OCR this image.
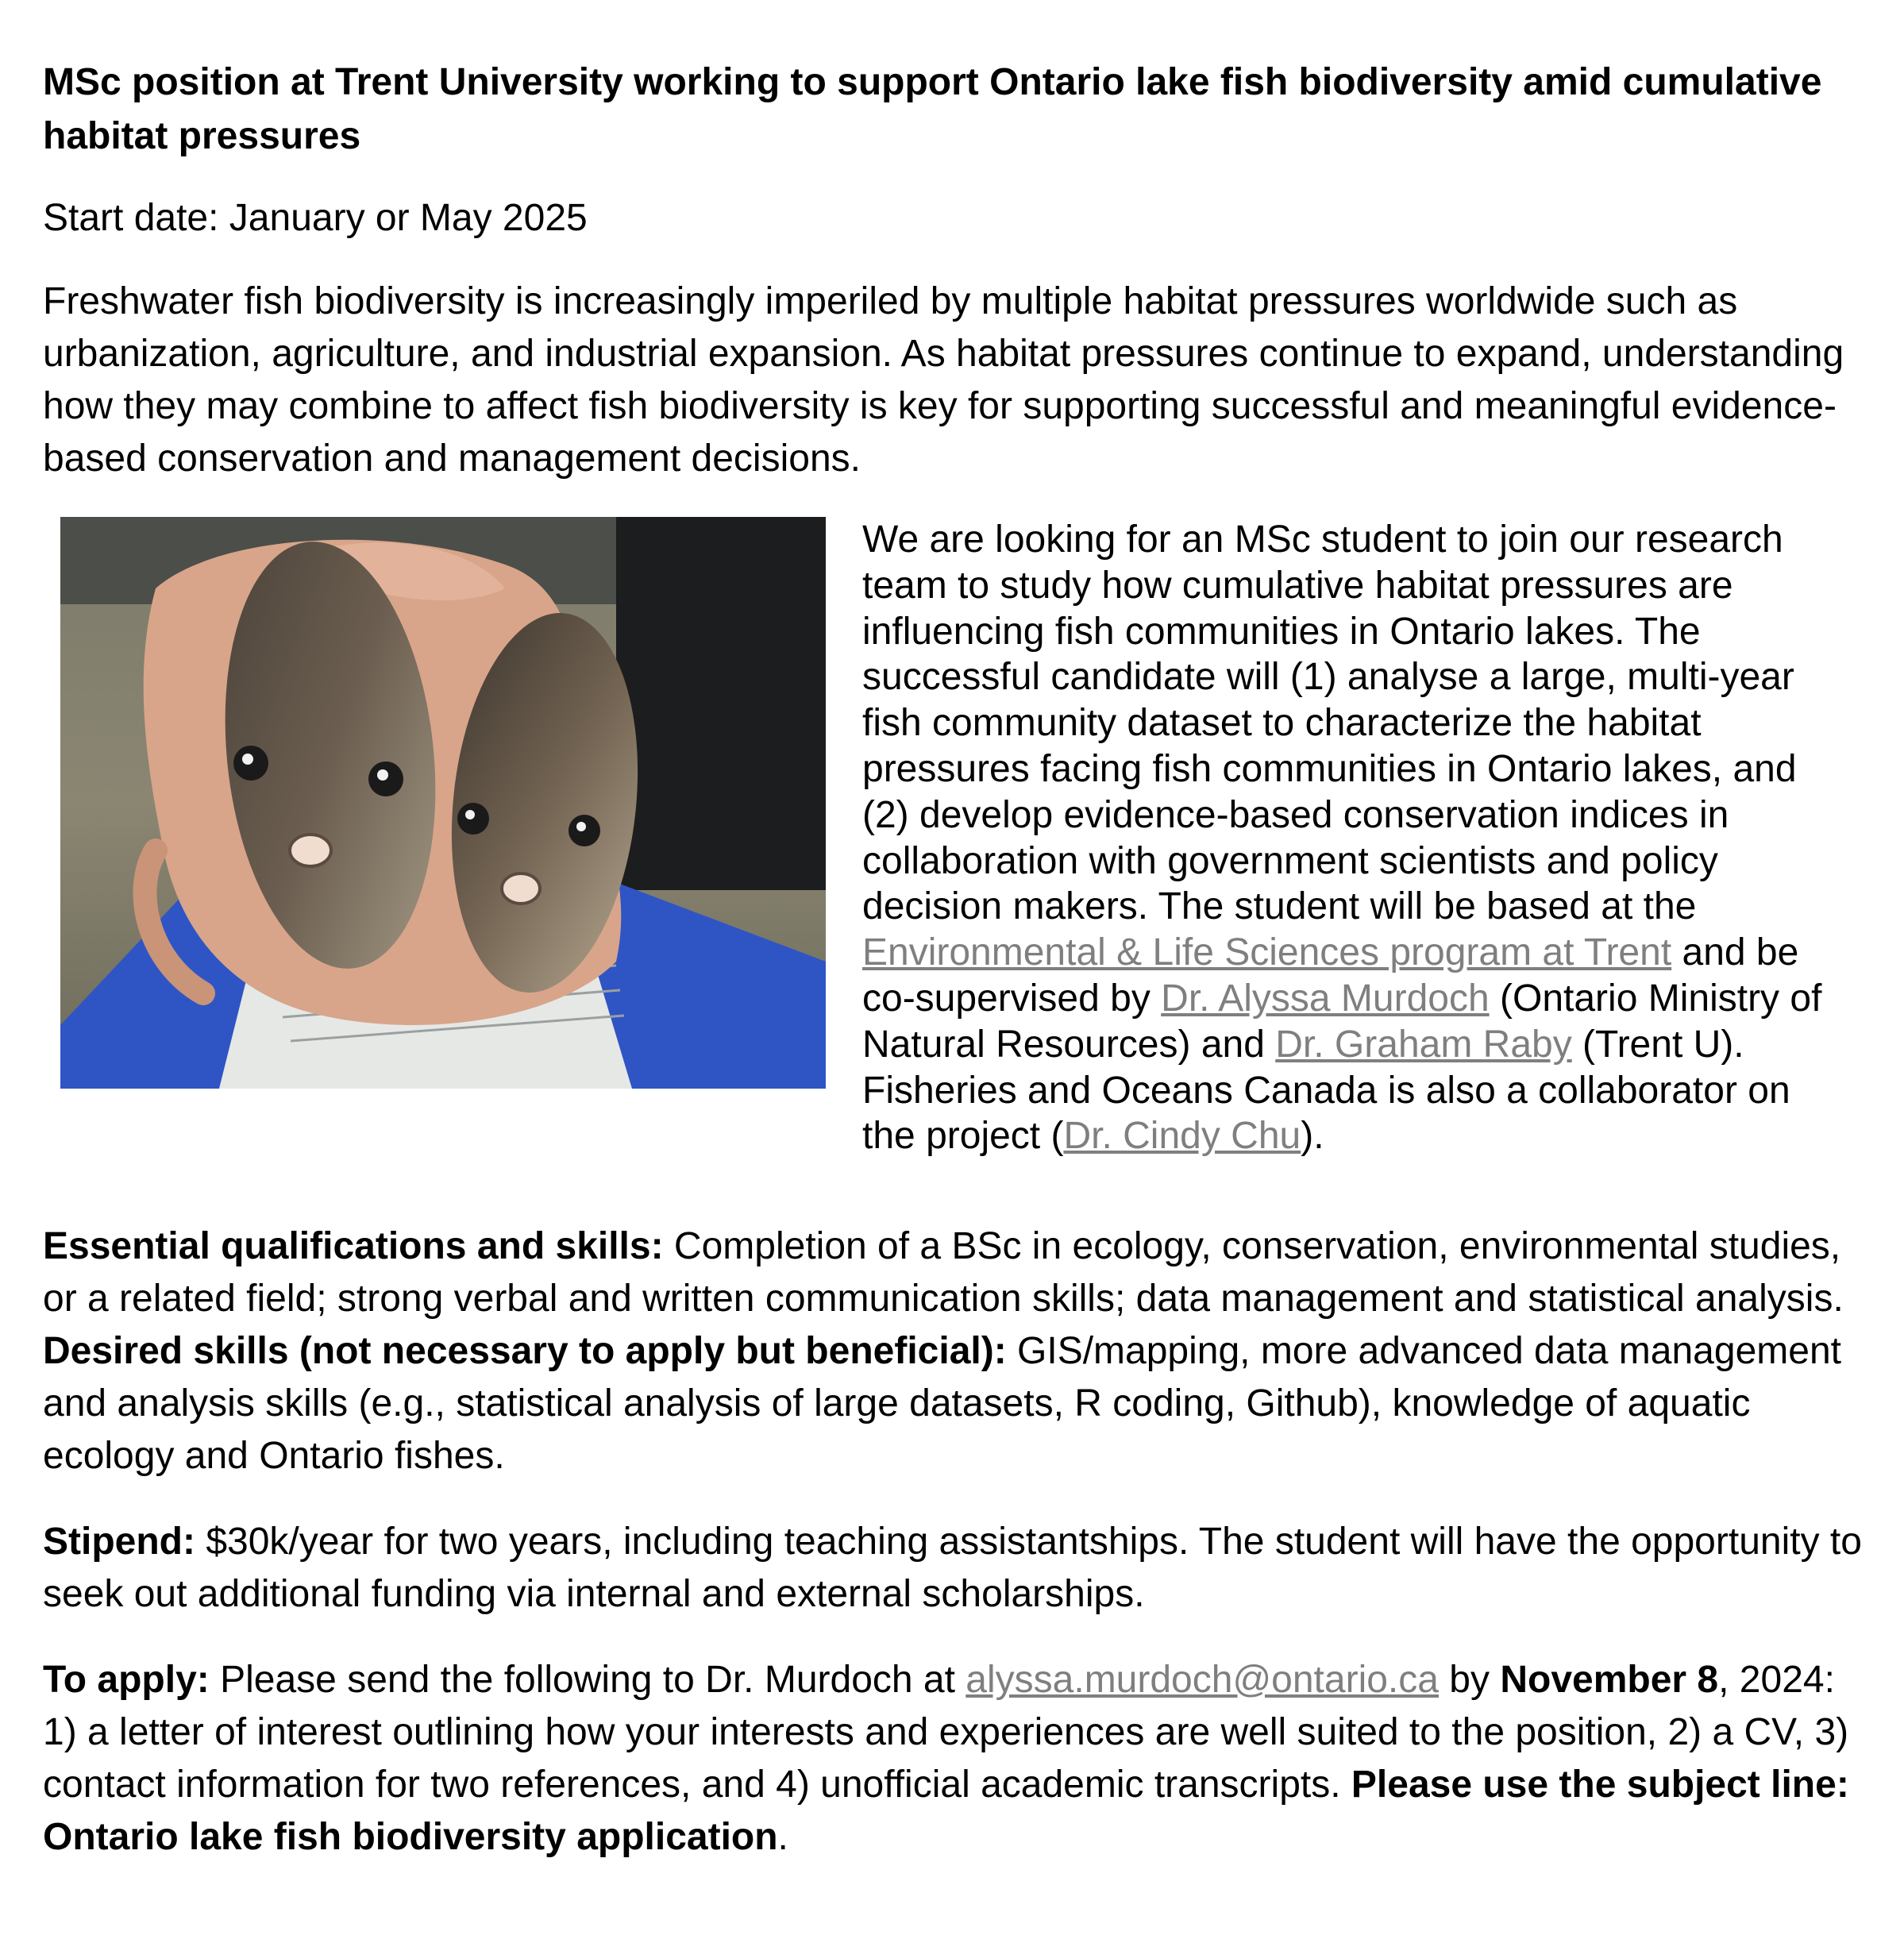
MSc position at Trent University working to support Ontario lake fish biodiversity amid cumulative habitat pressures

Start date: January or May 2025

Freshwater fish biodiversity is increasingly imperiled by multiple habitat pressures worldwide such as urbanization, agriculture, and industrial expansion. As habitat pressures continue to expand, understanding how they may combine to affect fish biodiversity is key for supporting successful and meaningful evidence-based conservation and management decisions.

We are looking for an MSc student to join our research team to study how cumulative habitat pressures are influencing fish communities in Ontario lakes. The successful candidate will (1) analyse a large, multi-year fish community dataset to characterize the habitat pressures facing fish communities in Ontario lakes, and (2) develop evidence-based conservation indices in collaboration with government scientists and policy decision makers. The student will be based at the Environmental & Life Sciences program at Trent and be co-supervised by Dr. Alyssa Murdoch (Ontario Ministry of Natural Resources) and Dr. Graham Raby (Trent U). Fisheries and Oceans Canada is also a collaborator on the project (Dr. Cindy Chu).

Essential qualifications and skills: Completion of a BSc in ecology, conservation, environmental studies, or a related field; strong verbal and written communication skills; data management and statistical analysis. Desired skills (not necessary to apply but beneficial): GIS/mapping, more advanced data management and analysis skills (e.g., statistical analysis of large datasets, R coding, Github), knowledge of aquatic ecology and Ontario fishes.

Stipend: $30k/year for two years, including teaching assistantships. The student will have the opportunity to seek out additional funding via internal and external scholarships.

To apply: Please send the following to Dr. Murdoch at alyssa.murdoch@ontario.ca by November 8, 2024: 1) a letter of interest outlining how your interests and experiences are well suited to the position, 2) a CV, 3) contact information for two references, and 4) unofficial academic transcripts. Please use the subject line: Ontario lake fish biodiversity application.
